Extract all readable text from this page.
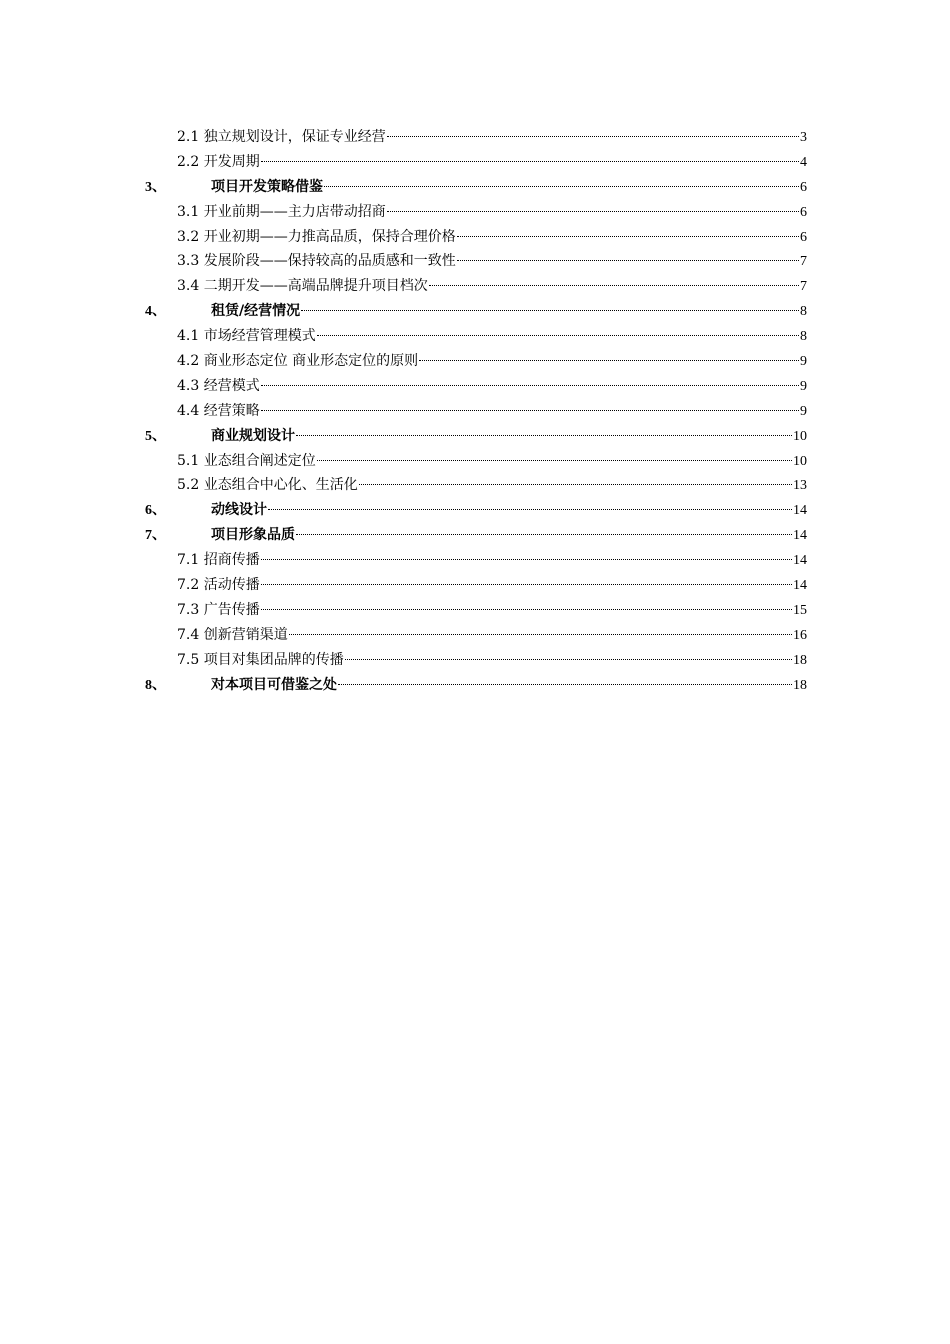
2.1 独立规划设计，保证专业经营	3
2.2 开发周期	4
3、	项目开发策略借鉴	6
3.1 开业前期——主力店带动招商	6
3.2 开业初期——力推高品质，保持合理价格	6
3.3 发展阶段——保持较高的品质感和一致性	7
3.4 二期开发——高端品牌提升项目档次	7
4、	租赁/经营情况	8
4.1 市场经营管理模式	8
4.2 商业形态定位 商业形态定位的原则	9
4.3 经营模式	9
4.4 经营策略	9
5、	商业规划设计	10
5.1 业态组合阐述定位	10
5.2 业态组合中心化、生活化	13
6、	动线设计	14
7、	项目形象品质	14
7.1 招商传播	14
7.2 活动传播	14
7.3 广告传播	15
7.4 创新营销渠道	16
7.5 项目对集团品牌的传播	18
8、	对本项目可借鉴之处	18
